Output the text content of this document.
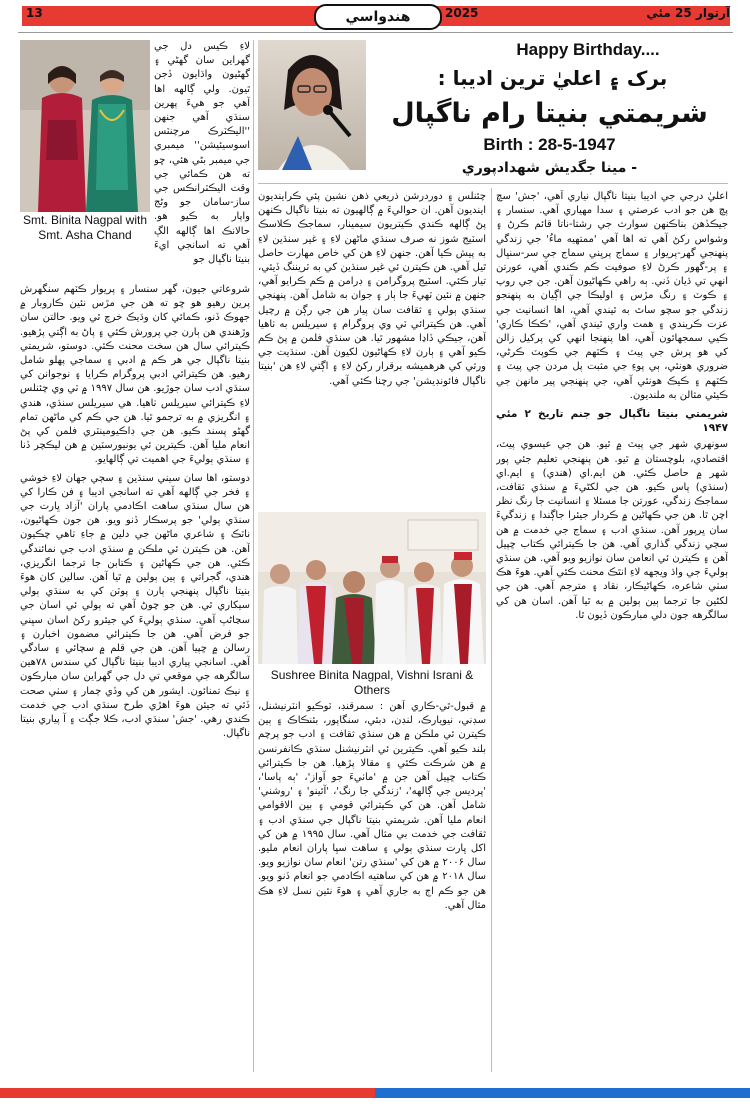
13	هندواسي	2025	آرتوار 25 مئي
Smt. Binita Nagpal with Smt. Asha Chand
Happy Birthday....
برک ۽ اعليٰ ترين اديبا :
شريمتي بنيتا رام ناگپال
Birth : 28-5-1947
- مينا جگديش شهدادپوري

لاءِ ڪيس دل جي گهراين سان گهڻي ۽ گهڻيون واڌايون ڏجن ٿيون. ولي ڳالهه اها آهي جو هيءَ پهرين سنڌي آهي جنهن ''اليڪٽرڪ مرچنٽس اسوسيئيشن'' ميمبري جي ميمبر بڻي هئي، ڇو ته هن ڪمائي جي وقت اليڪٽرانڪس جي ساز-سامان جو وڻج واپار به ڪيو هو. حالانڪ اها ڳالهه الڳ آهي ته اسانجي ايءَ بنيتا ناگپال جو

شروعاتي جيون، گهر سنسار ۽ پريوار ڪٽهم سنگهرش پرين رهيو هو ڇو ته هن جي مڙس نئين ڪاروبار ۾ جهوڪ ڏنو، ڪمائي کان وڌيڪ خرچ ٿي ويو. حالتن سان وڙهندي هن ٻارن جي پرورش ڪئي ۽ پاڻ به اڳتي پڙهيو. ڪيترائي سال هن سخت محنت ڪئي. دوستو، شريمتي بنيتا ناگپال جي هر ڪم ۾ ادبي ۽ سماجي پهلو شامل رهيو. هن ڪيترائي ادبي پروگرام ڪرايا ۽ نوجوانن کي سنڌي ادب سان جوڙيو. هن سال ۱۹۹۷ ۾ ٽي وي چئنلس لاءِ ڪيترائي سيريلس ٺاهيا. هي سيريلس سنڌي، هندي ۽ انگريزي ۾ به ترجمو ٿيا. هن جي ڪم کي ماڻهن تمام گهڻو پسند ڪيو. هن جي ڊاڪيومينٽري فلمن کي پڻ انعام مليا آهن. ڪيترين ئي يونيورسٽين ۾ هن ليڪچر ڏنا ۽ سنڌي ٻوليءَ جي اهميت تي ڳالهايو.

دوستو، اها سان سيني سنڌين ۽ سڄي جهان لاءِ خوشي ۽ فخر جي ڳالهه آهي ته اسانجي اديبا ۽ فن ڪارا کي هن سال سنڌي ساهت اڪادمي پاران 'آزاد ڀارت جي سنڌي ٻولي' جو پرسڪار ڏنو ويو. هن جون ڪهاڻيون، ناٽڪ ۽ شاعري ماڻهن جي دلين ۾ جاءِ ٺاهي چڪيون آهن. هن ڪيترن ئي ملڪن ۾ سنڌي ادب جي نمائندگي ڪئي. هن جي ڪهاڻين ۽ ڪتابن جا ترجما انگريزي، هندي، گجراتي ۽ ٻين ٻولين ۾ ٿيا آهن. سالين کان هوءَ بنيتا ناگپال پنهنجي ٻارن ۽ پوٽن کي به سنڌي ٻولي سيکاري ٿي. هن جو چوڻ آهي ته ٻولي ئي اسان جي سڃاڻپ آهي. سنڌي ٻوليءَ کي جيئرو رکڻ اسان سڀني جو فرض آهي. هن جا ڪيترائي مضمون اخبارن ۽ رسالن ۾ ڇپيا آهن. هن جي قلم ۾ سچائي ۽ سادگي آهي. اسانجي پياري اديبا بنيتا ناگپال کي سندس ۷۸هين سالگرهه جي موقعي تي دل جي گهراين سان مبارڪون ۽ نيڪ تمنائون. ايشور هن کي وڏي ڄمار ۽ سٺي صحت ڏئي ته جيئن هوءَ اهڙي طرح سنڌي ادب جي خدمت ڪندي رهي. 'جش' سنڌي ادب، ڪلا جڳت ۽ آ پياري بنيتا ناگپال.

چئنلس ۽ دوردرشن ذريعي ذهن نشين پئي ڪراينديون اينديون آهن. ان حواليءَ ۾ ڳالهيون ته بنيتا ناگپال ڪنهن پڻ ڳالهه ڪندي ڪيتريون سيمينار، سماجڪ ڪلاسڪ اسٽيج شوز نه صرف سنڌي ماڻهن لاءِ ۽ غير سنڌين لاءِ به پيش ڪيا آهن. جنهن لاءِ هن کي خاص مهارت حاصل ٿيل آهي. هن ڪيترن ئي غير سنڌين کي به ٽريننگ ڏيئي، تيار ڪئي. اسٽيج پروگرامن ۽ ڊرامن ۾ ڪم ڪرايو آهي، جنهن ۾ نئين ٽهيءَ جا ٻار ۽ جوان به شامل آهن. پنهنجي سنڌي ٻولي ۽ ثقافت سان پيار هن جي رڳن ۾ رچيل آهي. هن ڪيترائي ٽي وي پروگرام ۽ سيريلس به ٺاهيا آهن، جيڪي ڏاڍا مشهور ٿيا. هن سنڌي فلمن ۾ پڻ ڪم ڪيو آهي ۽ ٻارن لاءِ ڪهاڻيون لکيون آهن. سنڌيت جي ورثي کي هرهميشه برقرار رکڻ لاءِ ۽ اڳتي لاءِ هن 'بنيتا ناگپال فائونڊيشن' جي رچنا ڪئي آهي.

Sushree Binita Nagpal, Vishni Israni & Others

۾ قبول-ٿي-ڪاري آهن : سمرقنڊ، ٽوڪيو انٽرنيشنل، سڊني، نيويارڪ، لنڊن، دبئي، سنگاپور، بئنڪاڪ ۽ ٻين ڪيترن ئي ملڪن ۾ هن سنڌي ثقافت ۽ ادب جو پرچم بلند ڪيو آهي. ڪيترين ئي انٽرنيشنل سنڌي ڪانفرنسن ۾ هن شرڪت ڪئي ۽ مقالا پڙهيا. هن جا ڪيترائي ڪتاب ڇپيل آهن جن ۾ 'ماٺيءَ جو آواز'، 'ٻه پاسا'، 'پرديس جي ڳالهه'، 'زندگي جا رنگ'، 'آئينو' ۽ 'روشني' شامل آهن. هن کي ڪيترائي قومي ۽ بين الاقوامي انعام مليا آهن. شريمتي بنيتا ناگپال جي سنڌي ادب ۽ ثقافت جي خدمت بي مثال آهي. سال ۱۹۹۵ ۾ هن کي اکل ڀارت سنڌي ٻولي ۽ ساهت سڀا پاران انعام مليو. سال ۲۰۰۶ ۾ هن کي 'سنڌي رتن' انعام سان نوازيو ويو. سال ۲۰۱۸ ۾ هن کي ساهتيه اڪادمي جو انعام ڏنو ويو. هن جو ڪم اڄ به جاري آهي ۽ هوءَ نئين نسل لاءِ هڪ مثال آهي.

اعليٰ درجي جي اديبا بنيتا ناگپال نياري آهي، 'جش' سچ پچ هن جو ادب عرصتي ۽ سدا مهياري آهي. سنسار ۽ جيڪڏهن بناڪنهن سوارث جي رشتا-ناتا قائم ڪرڻ ۽ وشواس رکڻ آهي ته اها آهي 'ممتهيه ماءُ' جي زندگي پنهنجي گهر-پريوار ۽ سماج پرڀني سماج جي سر-سنڀال ۽ پر-گهور ڪرڻ لاءِ صوفيت ڪم ڪندي آهي، عورتن انهي تي ڌيان ڏني. ٻه راهي ڪهاڻيون آهن. جن جي روپ ۽ ڪوٽ ۽ رنگ مڙس ۽ اوليڪا جي اڳيان به پنهنجو زندگي جو سچو ساٿ به ٿيندي آهي، اها انسانيت جي عزت ڪريندي ۽ همت واري ٿيندي آهي، 'ڪڪا ڪاري' ڪيي سمجهائون آهي، اها پنهنجا انهي کي پرکيل زالن کي هو پرش جي پيٽ ۽ ڪٽهم جي ڪوپٽ ڪرڻي، ضروري هونئي، ٻي پوءِ جي مثبت پل مردن جي پيٽ ۽ ڪٽهم ۽ ڪيڪ هونئي آهي، جي پنهنجي پير مانهن جي ڪيئي مثالن به ملنديون.

شريمتي بنيتا ناگپال جو جنم تاريخ ۲ مئي ۱۹۴۷

سونهري شهر جي پيٽ ۾ ٿيو. هن جي عيسوي پيٽ، اقتصادي، بلوچستان ۾ ٿيو. هن پنهنجي تعليم جئي پور شهر ۾ حاصل ڪئي. هن ايم.اي (هندي) ۽ ايم.اي (سنڌي) پاس ڪيو. هن جي لکڻيءَ ۾ سنڌي ثقافت، سماجڪ زندگي، عورتن جا مسئلا ۽ انسانيت جا رنگ نظر اچن ٿا. هن جي ڪهاڻين ۾ ڪردار جيئرا جاڳندا ۽ زندگيءَ سان ڀرپور آهن. سنڌي ادب ۽ سماج جي خدمت ۾ هن سڄي زندگي گذاري آهي. هن جا ڪيترائي ڪتاب ڇپيل آهن ۽ ڪيترن ئي انعامن سان نوازيو ويو آهي. هن سنڌي ٻوليءَ جي واڌ ويجهه لاءِ انٿڪ محنت ڪئي آهي. هوءَ هڪ سٺي شاعره، ڪهاڻيڪار، نقاد ۽ مترجم آهي. هن جي لکڻين جا ترجما ٻين ٻولين ۾ به ٿيا آهن. اسان هن کي سالگرهه جون دلي مبارڪون ڏيون ٿا.
